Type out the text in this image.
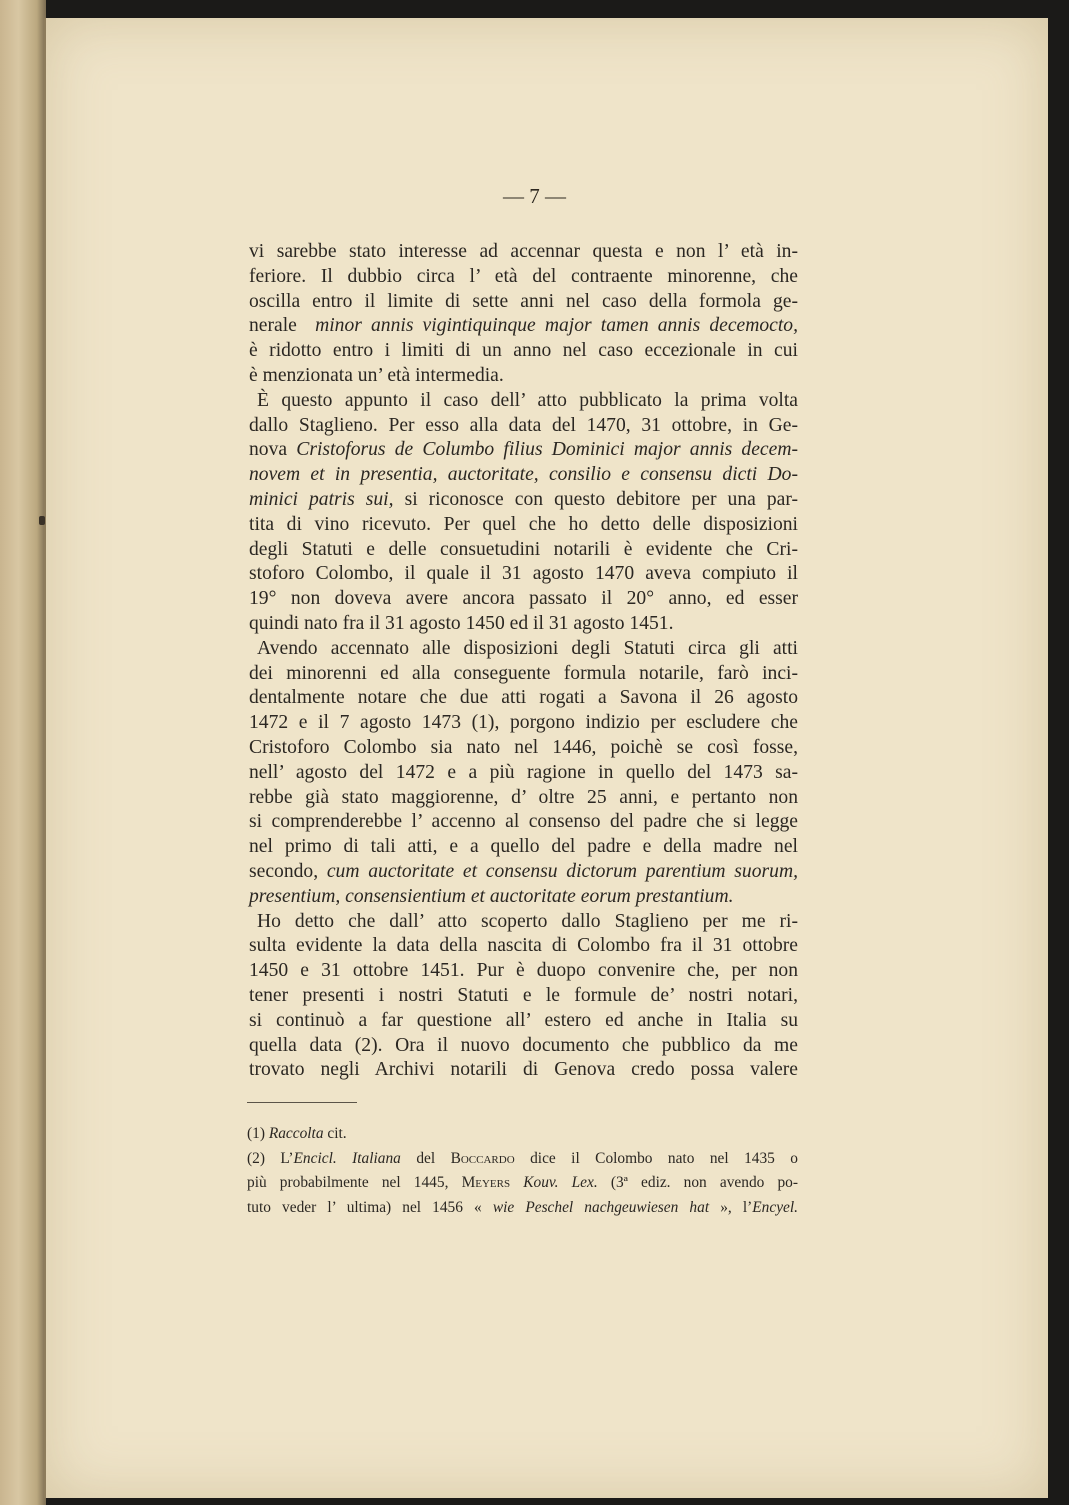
— 7 —

vi sarebbe stato interesse ad accennar questa e non l’ età in-
feriore. Il dubbio circa l’ età del contraente minorenne, che
oscilla entro il limite di sette anni nel caso della formola ge-
nerale minor annis vigintiquinque major tamen annis decemocto,
è ridotto entro i limiti di un anno nel caso eccezionale in cui
è menzionata un’ età intermedia.

È questo appunto il caso dell’ atto pubblicato la prima volta
dallo Staglieno. Per esso alla data del 1470, 31 ottobre, in Ge-
nova Cristoforus de Columbo filius Dominici major annis decem-
novem et in presentia, auctoritate, consilio e consensu dicti Do-
minici patris sui, si riconosce con questo debitore per una par-
tita di vino ricevuto. Per quel che ho detto delle disposizioni
degli Statuti e delle consuetudini notarili è evidente che Cri-
stoforo Colombo, il quale il 31 agosto 1470 aveva compiuto il
19° non doveva avere ancora passato il 20° anno, ed esser
quindi nato fra il 31 agosto 1450 ed il 31 agosto 1451.

Avendo accennato alle disposizioni degli Statuti circa gli atti
dei minorenni ed alla conseguente formula notarile, farò inci-
dentalmente notare che due atti rogati a Savona il 26 agosto
1472 e il 7 agosto 1473 (1), porgono indizio per escludere che
Cristoforo Colombo sia nato nel 1446, poichè se così fosse,
nell’ agosto del 1472 e a più ragione in quello del 1473 sa-
rebbe già stato maggiorenne, d’ oltre 25 anni, e pertanto non
si comprenderebbe l’ accenno al consenso del padre che si legge
nel primo di tali atti, e a quello del padre e della madre nel
secondo, cum auctoritate et consensu dictorum parentium suorum,
presentium, consensientium et auctoritate eorum prestantium.

Ho detto che dall’ atto scoperto dallo Staglieno per me ri-
sulta evidente la data della nascita di Colombo fra il 31 ottobre
1450 e 31 ottobre 1451. Pur è duopo convenire che, per non
tener presenti i nostri Statuti e le formule de’ nostri notari,
si continuò a far questione all’ estero ed anche in Italia su
quella data (2). Ora il nuovo documento che pubblico da me
trovato negli Archivi notarili di Genova credo possa valere

(1) Raccolta cit.
(2) L’Encicl. Italiana del Boccardo dice il Colombo nato nel 1435 o
più probabilmente nel 1445, Meyers Kouv. Lex. (3ª ediz. non avendo po-
tuto veder l’ ultima) nel 1456 « wie Peschel nachgeuwiesen hat », l’Encyel.
